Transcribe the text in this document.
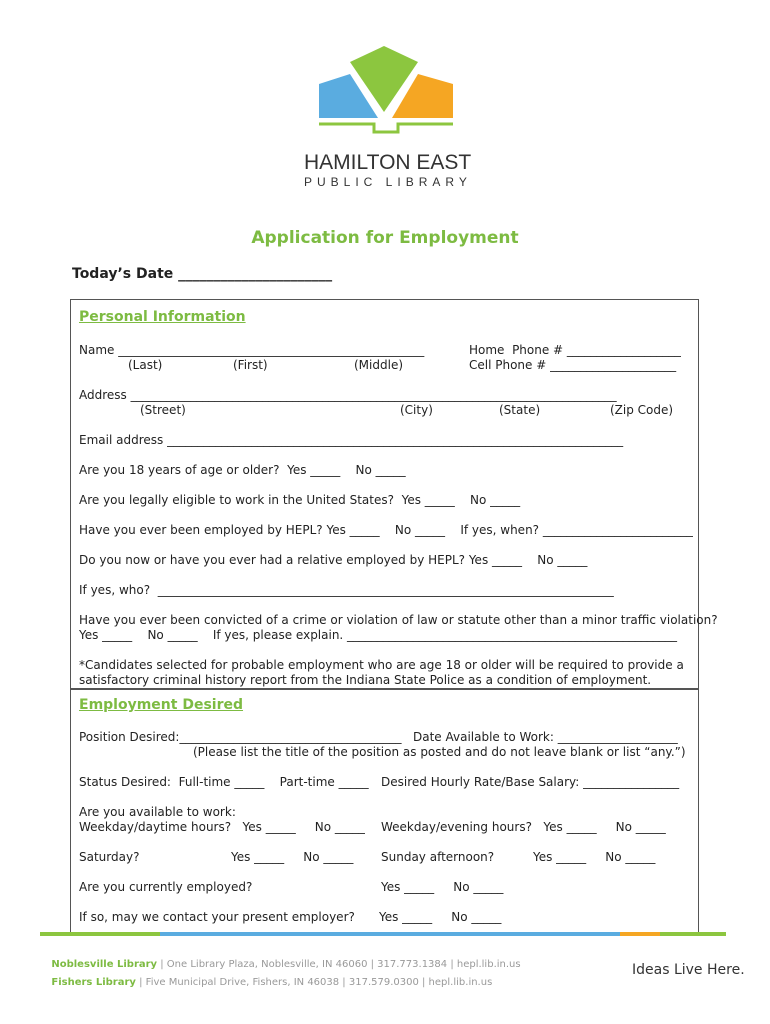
HAMILTON EAST
PUBLIC LIBRARY
Application for Employment
Today’s Date ______________________
Personal Information
Name ___________________________________________________
(Last)	(First)	(Middle)
Home  Phone # ___________________
Cell Phone # _____________________
Address _________________________________________________________________________________
(Street)	(City)	(State)	(Zip Code)
Email address ____________________________________________________________________________
Are you 18 years of age or older?  Yes _____    No _____
Are you legally eligible to work in the United States?  Yes _____    No _____
Have you ever been employed by HEPL? Yes _____    No _____    If yes, when? _________________________
Do you now or have you ever had a relative employed by HEPL? Yes _____    No _____
If yes, who?  ____________________________________________________________________________
Have you ever been convicted of a crime or violation of law or statute other than a minor traffic violation?
Yes _____    No _____    If yes, please explain. _______________________________________________________
*Candidates selected for probable employment who are age 18 or older will be required to provide a
satisfactory criminal history report from the Indiana State Police as a condition of employment.
Employment Desired
Position Desired:_____________________________________ Date Available to Work: ____________________
(Please list the title of the position as posted and do not leave blank or list “any.”)
Status Desired:  Full-time _____    Part-time _____ Desired Hourly Rate/Base Salary: ________________
Are you available to work:
Weekday/daytime hours?   Yes _____     No _____ Weekday/evening hours?   Yes _____     No _____
Saturday?	Yes _____     No _____ Sunday afternoon?	Yes _____     No _____
Are you currently employed?	Yes _____     No _____
If so, may we contact your present employer? Yes _____     No _____

Noblesville Library | One Library Plaza, Noblesville, IN 46060 | 317.773.1384 | hepl.lib.in.us

Fishers Library | Five Municipal Drive, Fishers, IN 46038 | 317.579.0300 | hepl.lib.in.us

Ideas Live Here.
